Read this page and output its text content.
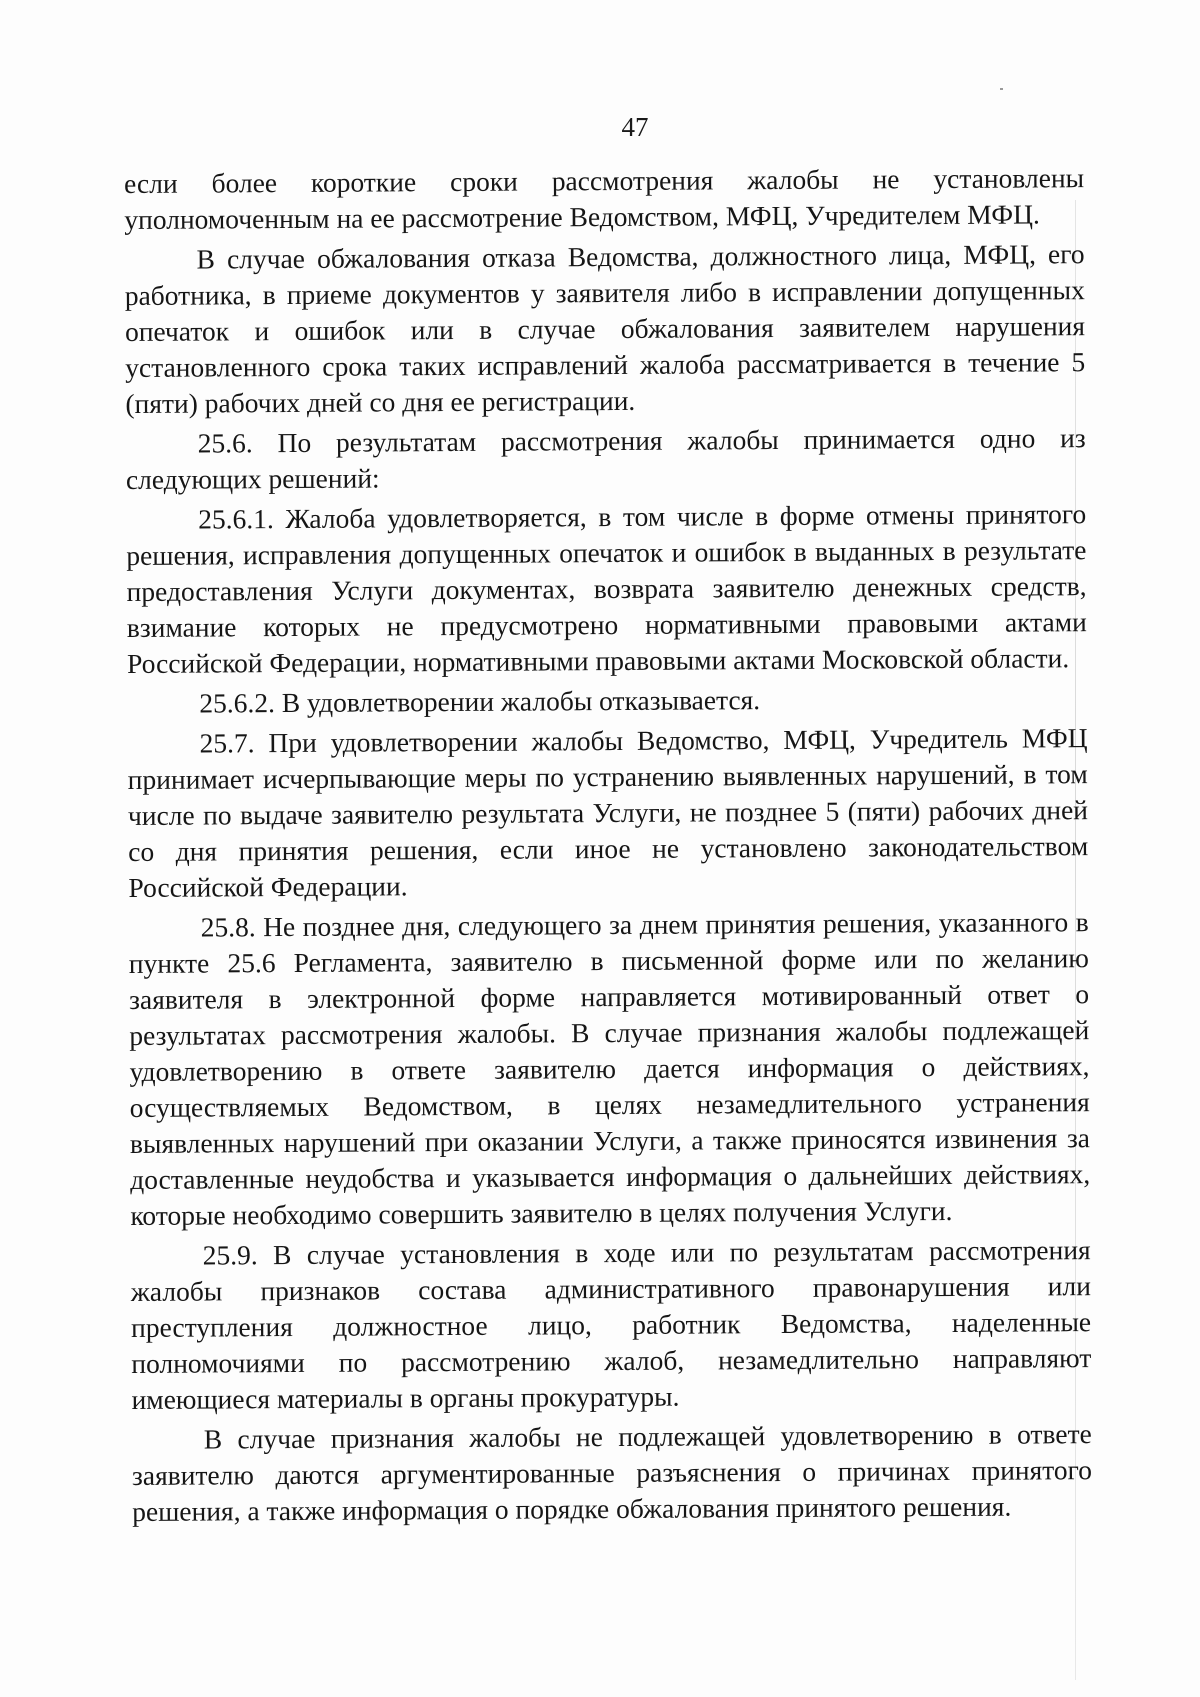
47

если более короткие сроки рассмотрения жалобы не установлены уполномоченным на ее рассмотрение Ведомством, МФЦ, Учредителем МФЦ.

В случае обжалования отказа Ведомства, должностного лица, МФЦ, его работника, в приеме документов у заявителя либо в исправлении допущенных опечаток и ошибок или в случае обжалования заявителем нарушения установленного срока таких исправлений жалоба рассматривается в течение 5 (пяти) рабочих дней со дня ее регистрации.

25.6. По результатам рассмотрения жалобы принимается одно из следующих решений:

25.6.1. Жалоба удовлетворяется, в том числе в форме отмены принятого решения, исправления допущенных опечаток и ошибок в выданных в результате предоставления Услуги документах, возврата заявителю денежных средств, взимание которых не предусмотрено нормативными правовыми актами Российской Федерации, нормативными правовыми актами Московской области.

25.6.2. В удовлетворении жалобы отказывается.

25.7. При удовлетворении жалобы Ведомство, МФЦ, Учредитель МФЦ принимает исчерпывающие меры по устранению выявленных нарушений, в том числе по выдаче заявителю результата Услуги, не позднее 5 (пяти) рабочих дней со дня принятия решения, если иное не установлено законодательством Российской Федерации.

25.8. Не позднее дня, следующего за днем принятия решения, указанного в пункте 25.6 Регламента, заявителю в письменной форме или по желанию заявителя в электронной форме направляется мотивированный ответ о результатах рассмотрения жалобы. В случае признания жалобы подлежащей удовлетворению в ответе заявителю дается информация о действиях, осуществляемых Ведомством, в целях незамедлительного устранения выявленных нарушений при оказании Услуги, а также приносятся извинения за доставленные неудобства и указывается информация о дальнейших действиях, которые необходимо совершить заявителю в целях получения Услуги.

25.9. В случае установления в ходе или по результатам рассмотрения жалобы признаков состава административного правонарушения или преступления должностное лицо, работник Ведомства, наделенные полномочиями по рассмотрению жалоб, незамедлительно направляют имеющиеся материалы в органы прокуратуры.

В случае признания жалобы не подлежащей удовлетворению в ответе заявителю даются аргументированные разъяснения о причинах принятого решения, а также информация о порядке обжалования принятого решения.
